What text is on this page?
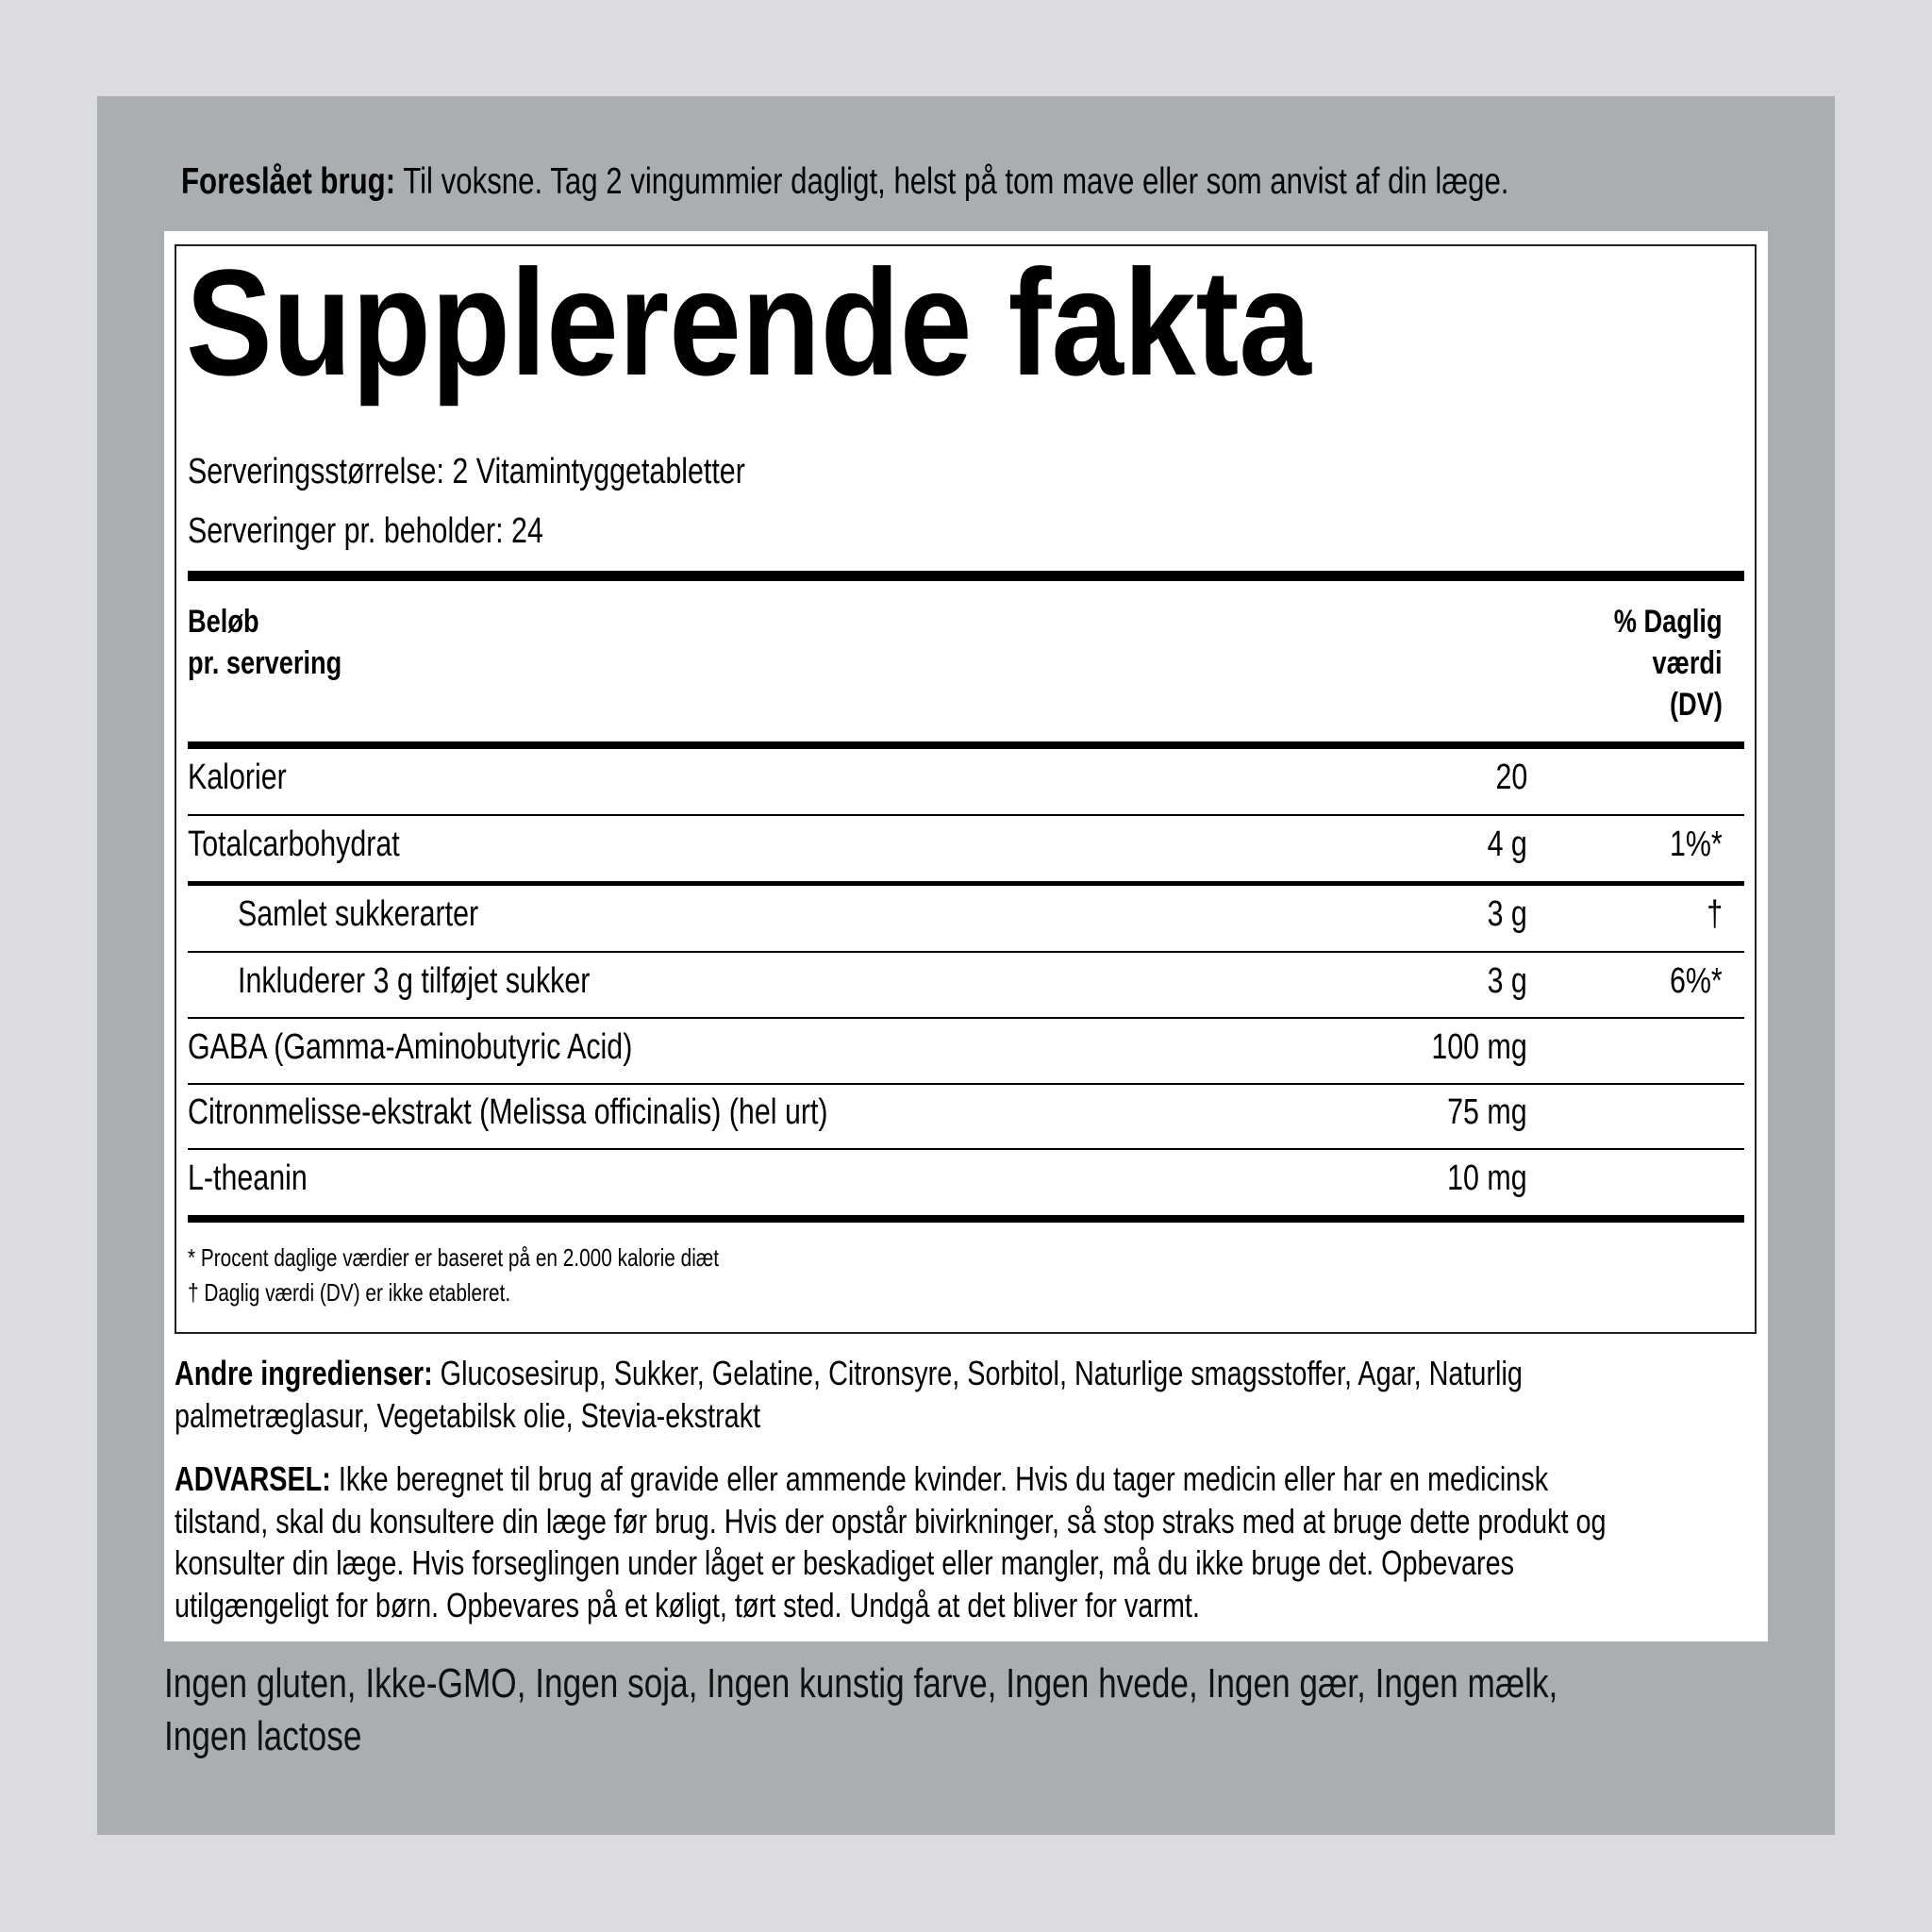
Foreslået brug: Til voksne. Tag 2 vingummier dagligt, helst på tom mave eller som anvist af din læge.
Supplerende fakta
Serveringsstørrelse: 2 Vitamintyggetabletter
Serveringer pr. beholder: 24
Beløb
pr. servering
% Daglig
værdi
(DV)
Kalorier	20
Totalcarbohydrat	4 g	1%*
Samlet sukkerarter	3 g	†
Inkluderer 3 g tilføjet sukker	3 g	6%*
GABA (Gamma-Aminobutyric Acid)	100 mg
Citronmelisse-ekstrakt (Melissa officinalis) (hel urt)	75 mg
L-theanin	10 mg
* Procent daglige værdier er baseret på en 2.000 kalorie diæt
† Daglig værdi (DV) er ikke etableret.
Andre ingredienser: Glucosesirup, Sukker, Gelatine, Citronsyre, Sorbitol, Naturlige smagsstoffer, Agar, Naturlig
palmetræglasur, Vegetabilsk olie, Stevia-ekstrakt
ADVARSEL: Ikke beregnet til brug af gravide eller ammende kvinder. Hvis du tager medicin eller har en medicinsk
tilstand, skal du konsultere din læge før brug. Hvis der opstår bivirkninger, så stop straks med at bruge dette produkt og
konsulter din læge. Hvis forseglingen under låget er beskadiget eller mangler, må du ikke bruge det. Opbevares
utilgængeligt for børn. Opbevares på et køligt, tørt sted. Undgå at det bliver for varmt.
Ingen gluten, Ikke-GMO, Ingen soja, Ingen kunstig farve, Ingen hvede, Ingen gær, Ingen mælk,
Ingen lactose
